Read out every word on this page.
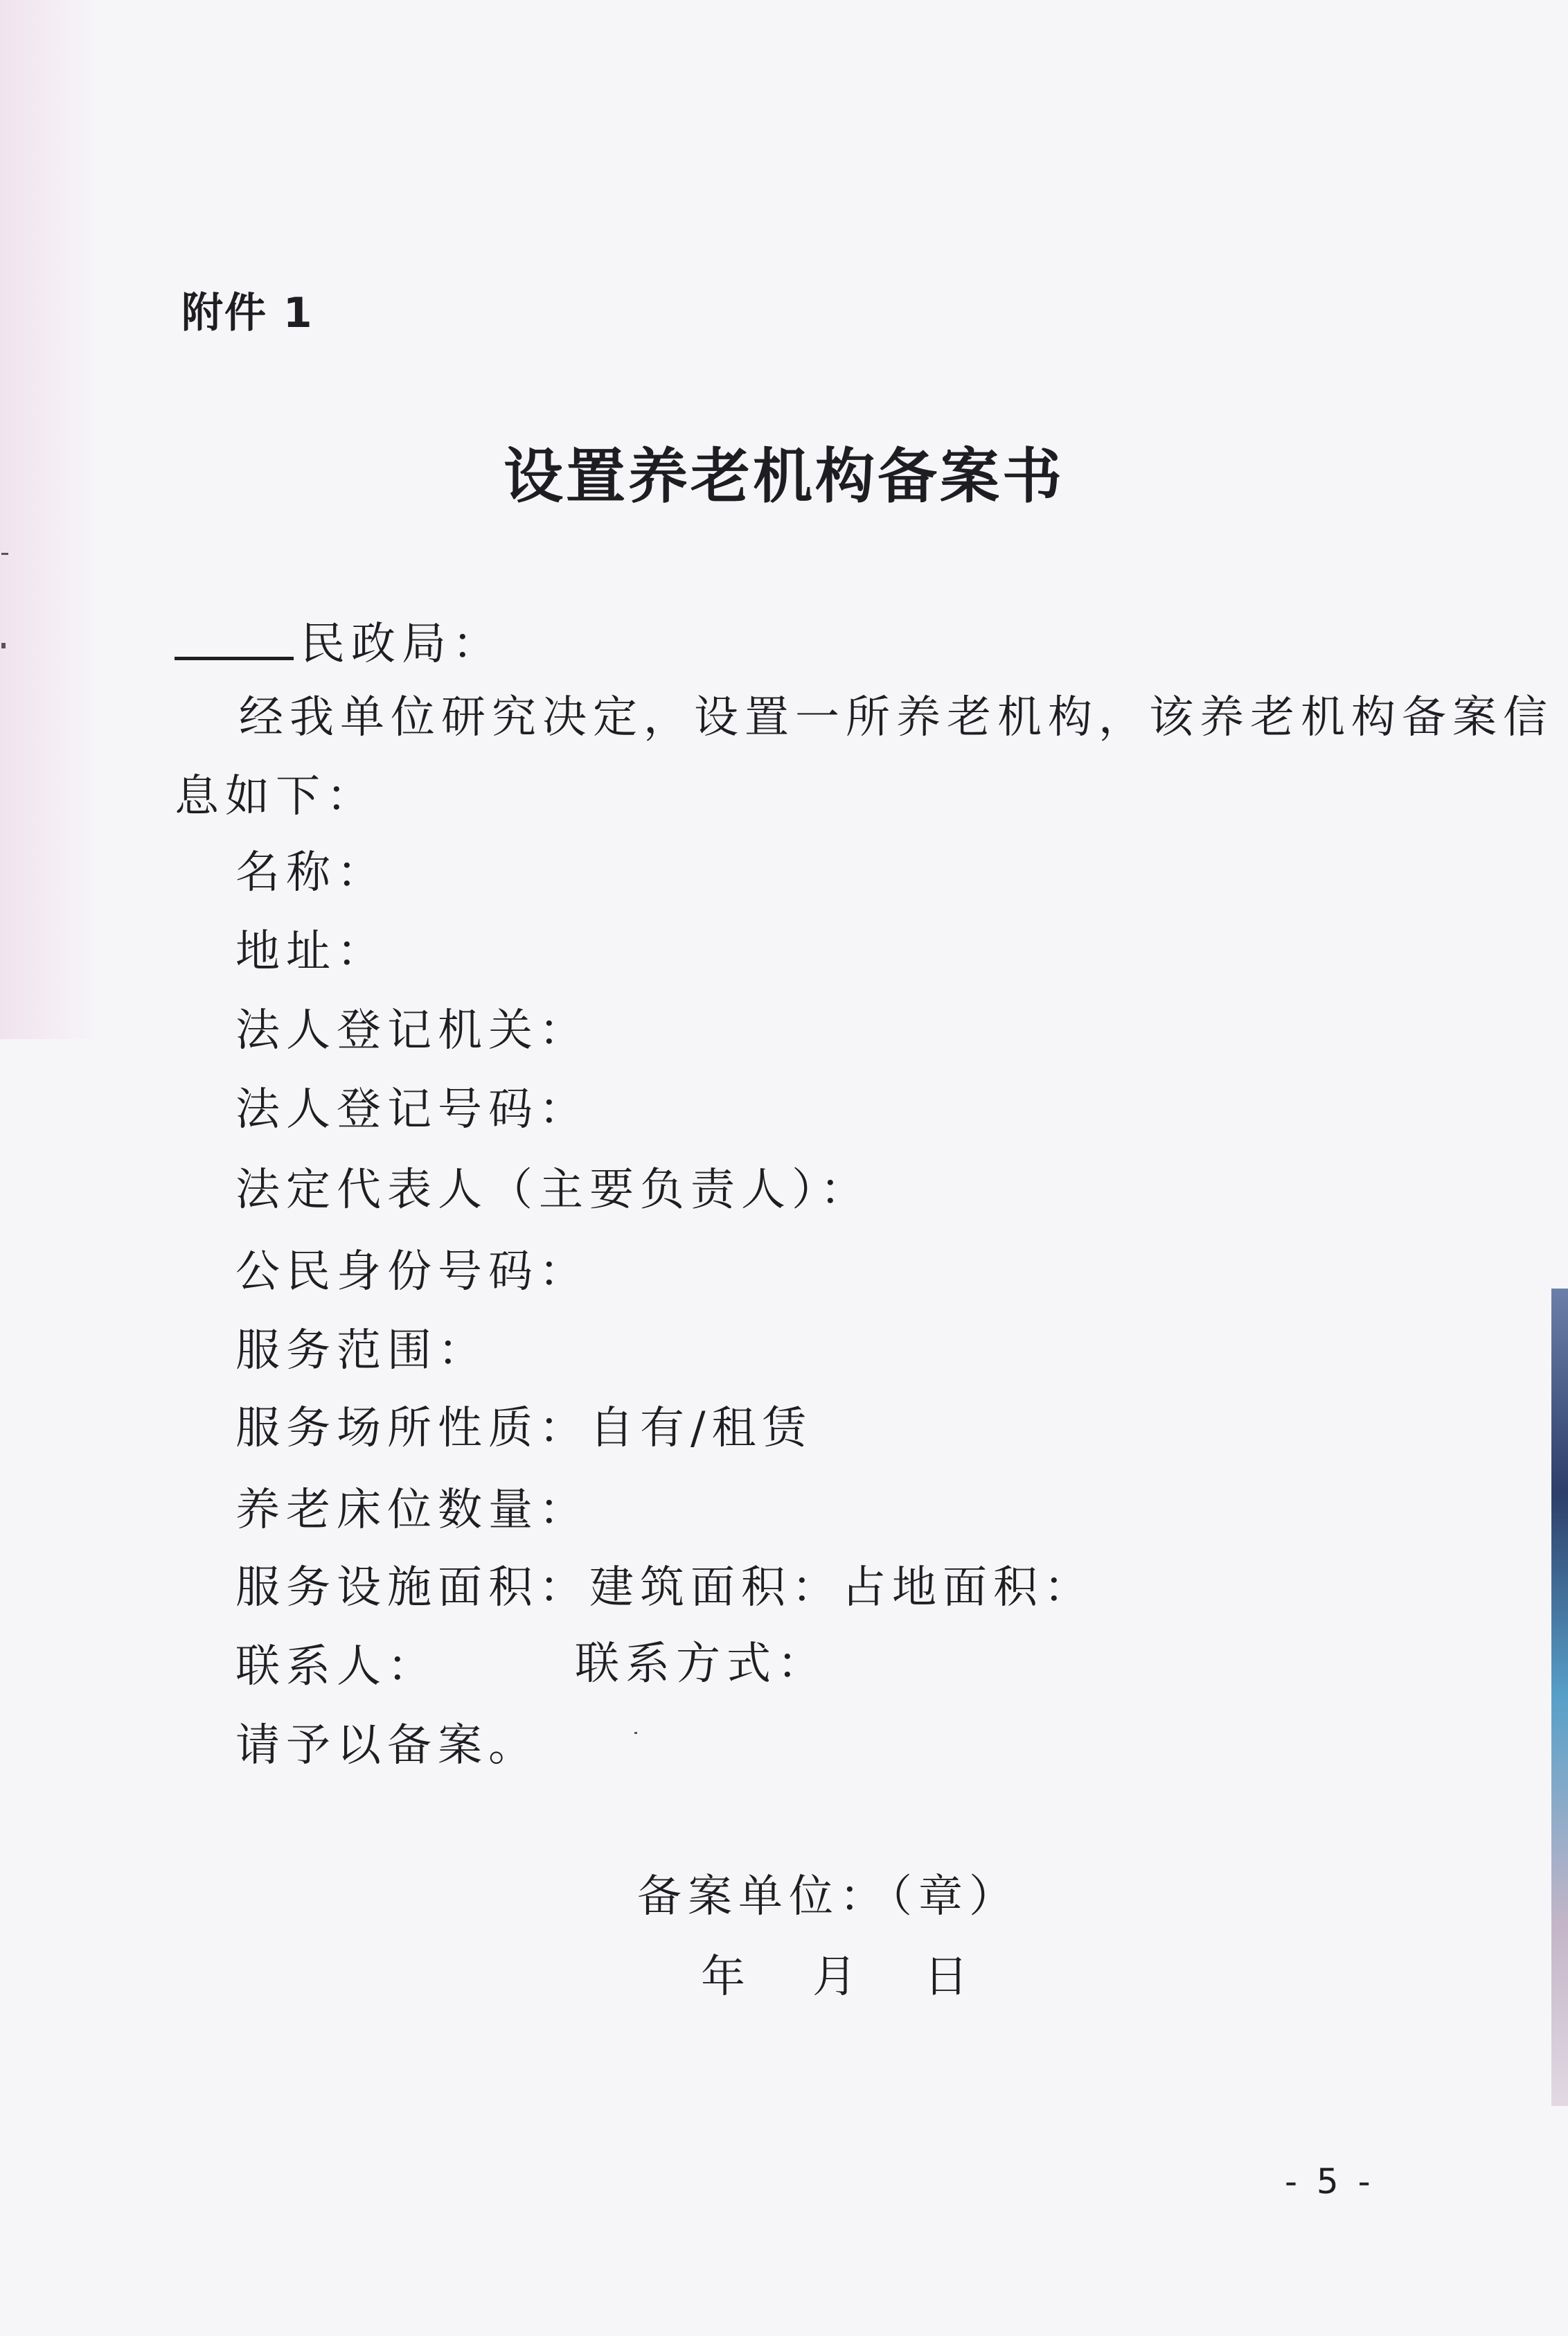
附件 1
设置养老机构备案书
民政局：
经我单位研究决定，设置一所养老机构，该养老机构备案信
息如下：
名称：
地址：
法人登记机关：
法人登记号码：
法定代表人（主要负责人）：
公民身份号码：
服务范围：
服务场所性质：自有/租赁
养老床位数量：
服务设施面积：建筑面积： 占地面积：
联系人：	联系方式：
请予以备案。
备案单位：（章）
年   月   日
- 5 -
